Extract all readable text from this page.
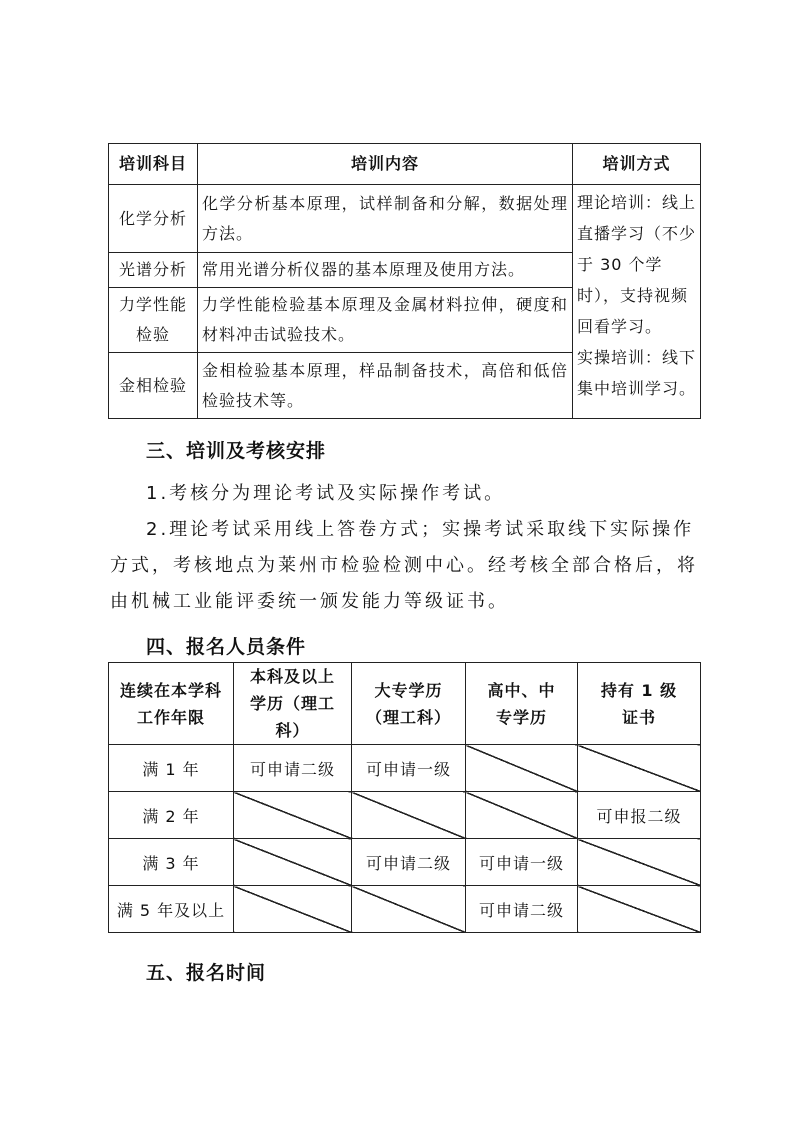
培训科目	培训内容	培训方式
化学分析	化学分析基本原理，试样制备和分解，数据处理方法。	理论培训：线上直播学习（不少于 30 个学时），支持视频回看学习。
实操培训：线下集中培训学习。

光谱分析	常用光谱分析仪器的基本原理及使用方法。	
力学性能检验	力学性能检验基本原理及金属材料拉伸，硬度和材料冲击试验技术。	
金相检验	金相检验基本原理，样品制备技术，高倍和低倍检验技术等。	
三、培训及考核安排
1.考核分为理论考试及实际操作考试。
2.理论考试采用线上答卷方式；实操考试采取线下实际操作方式，考核地点为莱州市检验检测中心。经考核全部合格后，将由机械工业能评委统一颁发能力等级证书。
四、报名人员条件
连续在本学科工作年限	本科及以上学历（理工科）	大专学历（理工科）	高中、中专学历	持有 1 级证书
满 1 年	可申请二级	可申请一级		
满 2 年				可申报二级
满 3 年		可申请二级	可申请一级	
满 5 年及以上			可申请二级	
五、报名时间
